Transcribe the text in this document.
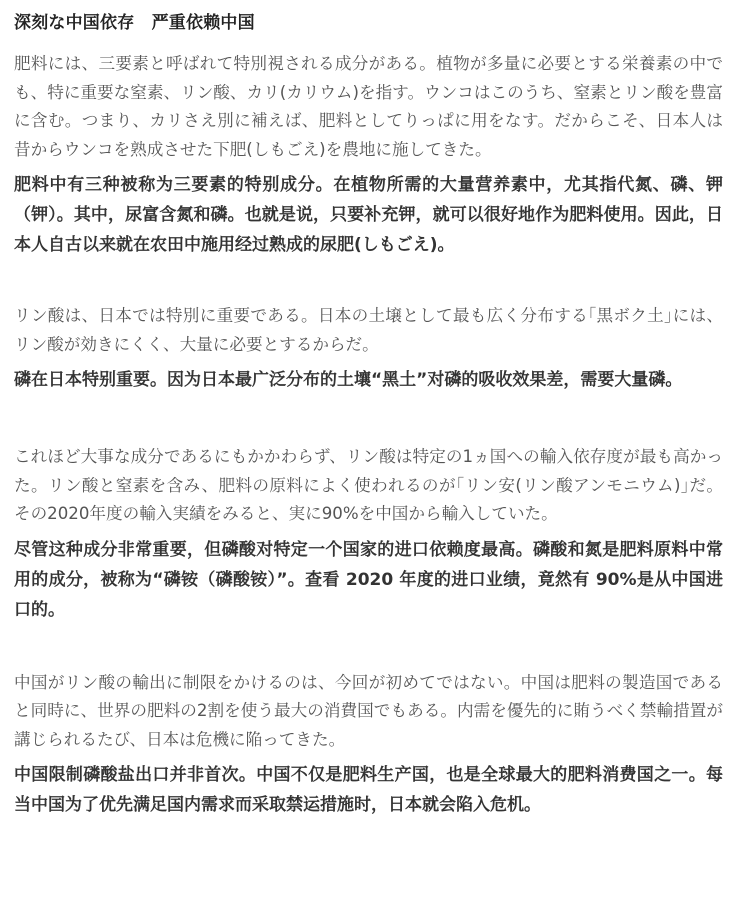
深刻な中国依存　严重依赖中国

肥料には、三要素と呼ばれて特別視される成分がある。植物が多量に必要とする栄養素の中でも、特に重要な窒素、リン酸、カリ(カリウム)を指す。ウンコはこのうち、窒素とリン酸を豊富に含む。つまり、カリさえ別に補えば、肥料としてりっぱに用をなす。だからこそ、日本人は昔からウンコを熟成させた下肥(しもごえ)を農地に施してきた。

肥料中有三种被称为三要素的特别成分。在植物所需的大量营养素中，尤其指代氮、磷、钾（钾）。其中，尿富含氮和磷。也就是说，只要补充钾，就可以很好地作为肥料使用。因此，日本人自古以来就在农田中施用经过熟成的尿肥(しもごえ)。

リン酸は、日本では特別に重要である。日本の土壌として最も広く分布する｢黒ボク土｣には、リン酸が効きにくく、大量に必要とするからだ。

磷在日本特别重要。因为日本最广泛分布的土壤“黑土”对磷的吸收效果差，需要大量磷。

これほど大事な成分であるにもかかわらず、リン酸は特定の1ヵ国への輸入依存度が最も高かった。リン酸と窒素を含み、肥料の原料によく使われるのが｢リン安(リン酸アンモニウム)｣だ。その2020年度の輸入実績をみると、実に90%を中国から輸入していた。

尽管这种成分非常重要，但磷酸对特定一个国家的进口依赖度最高。磷酸和氮是肥料原料中常用的成分，被称为“磷铵（磷酸铵）”。查看 2020 年度的进口业绩，竟然有 90%是从中国进口的。

中国がリン酸の輸出に制限をかけるのは、今回が初めてではない。中国は肥料の製造国であると同時に、世界の肥料の2割を使う最大の消費国でもある。内需を優先的に賄うべく禁輸措置が講じられるたび、日本は危機に陥ってきた。

中国限制磷酸盐出口并非首次。中国不仅是肥料生产国，也是全球最大的肥料消费国之一。每当中国为了优先满足国内需求而采取禁运措施时，日本就会陷入危机。
